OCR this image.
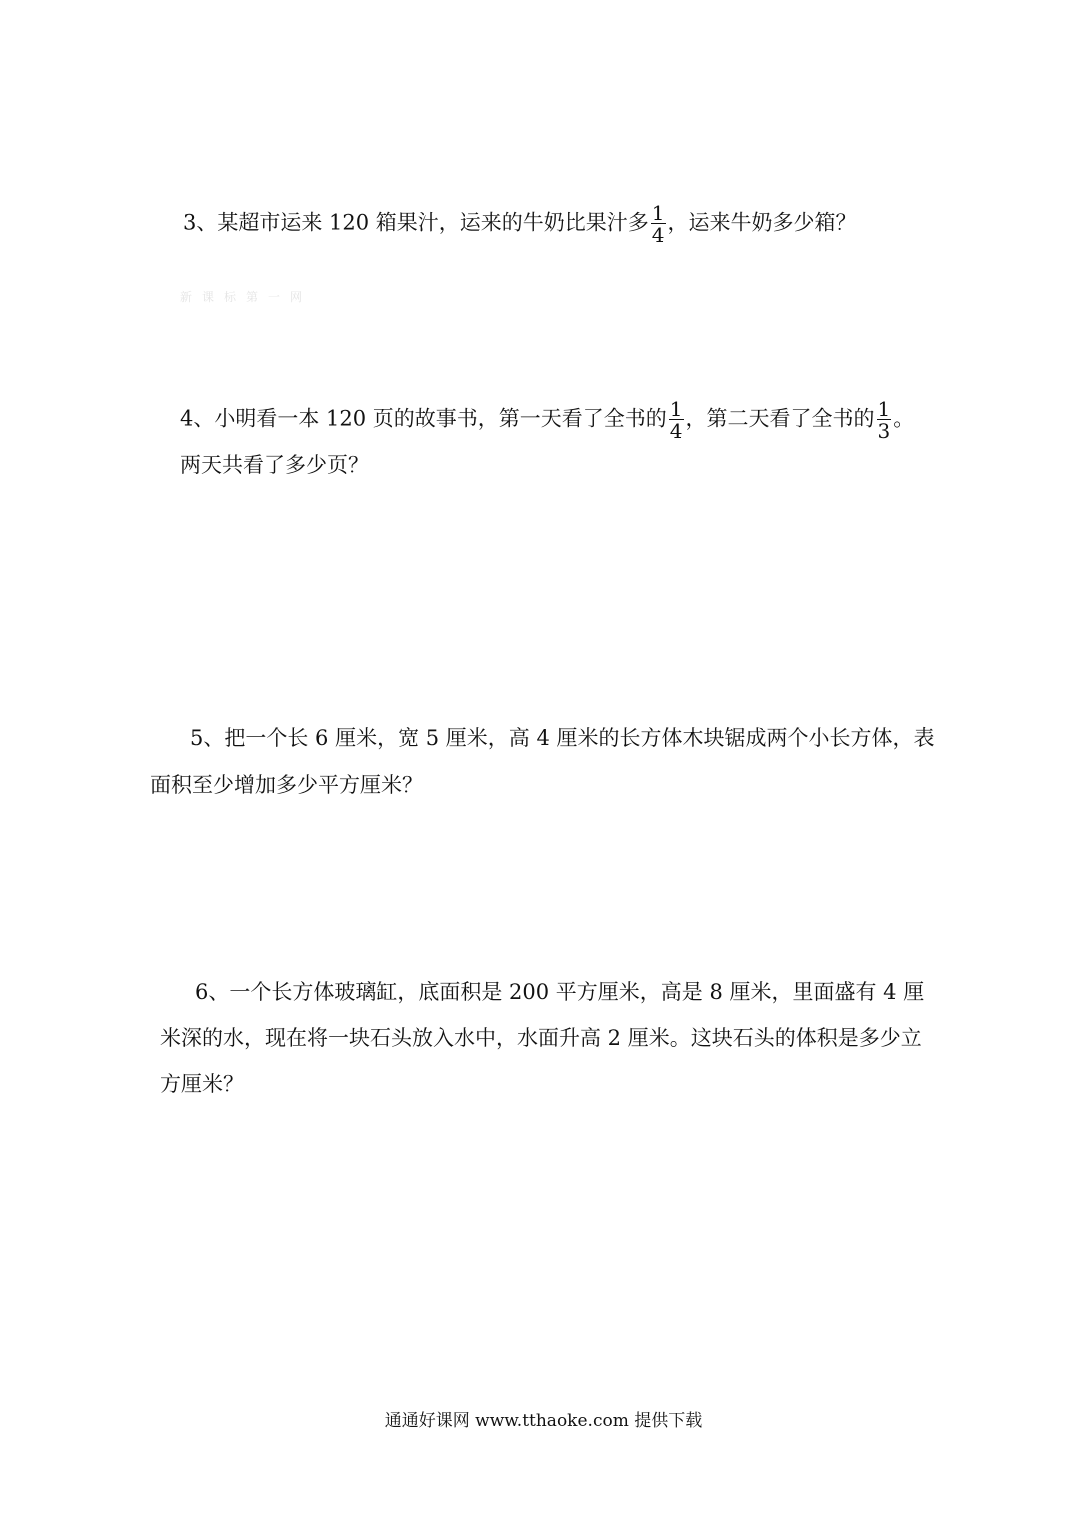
3、某超市运来 120 箱果汁，运来的牛奶比果汁多 $\frac{1}{4}$ ，运来牛奶多少箱？
新课标第一网
4、小明看一本 120 页的故事书，第一天看了全书的 $\frac{1}{4}$ ，第二天看了全书的 $\frac{1}{3}$ 。
两天共看了多少页？
5、把一个长 6 厘米，宽 5 厘米，高 4 厘米的长方体木块锯成两个小长方体，表
面积至少增加多少平方厘米？
6、一个长方体玻璃缸，底面积是 200 平方厘米，高是 8 厘米，里面盛有 4 厘
米深的水，现在将一块石头放入水中，水面升高 2 厘米。这块石头的体积是多少立
方厘米？
通通好课网 www.tthaoke.com 提供下载
